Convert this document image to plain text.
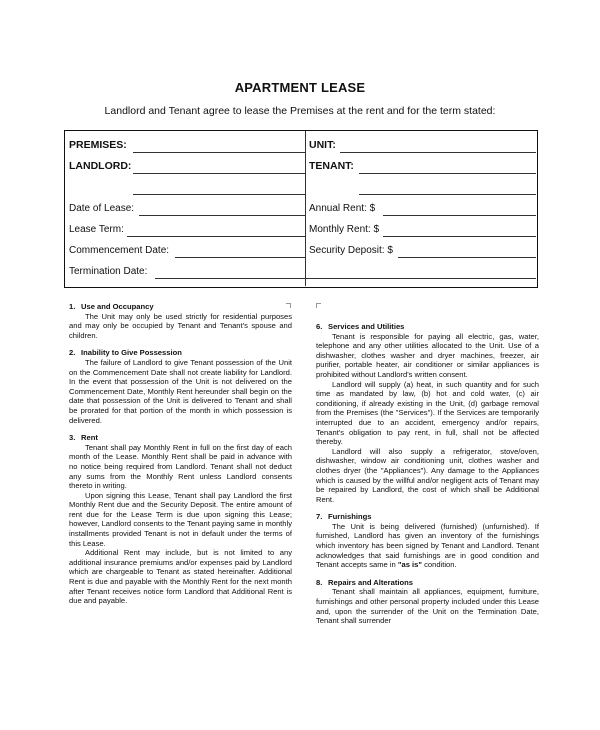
APARTMENT LEASE
Landlord and Tenant agree to lease the Premises at the rent and for the term stated:
PREMISES:	UNIT:
LANDLORD:	TENANT:
Date of Lease:	Annual Rent: $
Lease Term:	Monthly Rent: $
Commencement Date:	Security Deposit: $
Termination Date:

1. Use and Occupancy

The Unit may only be used strictly for residential purposes and may only be occupied by Tenant and Tenant's spouse and children.

2. Inability to Give Possession

The failure of Landlord to give Tenant possession of the Unit on the Commencement Date shall not create liability for Landlord. In the event that possession of the Unit is not delivered on the Commencement Date, Monthly Rent hereunder shall begin on the date that possession of the Unit is delivered to Tenant and shall be prorated for that portion of the month in which possession is delivered.

3. Rent

Tenant shall pay Monthly Rent in full on the first day of each month of the Lease. Monthly Rent shall be paid in advance with no notice being required from Landlord. Tenant shall not deduct any sums from the Monthly Rent unless Landlord consents thereto in writing.

Upon signing this Lease, Tenant shall pay Landlord the first Monthly Rent due and the Security Deposit. The entire amount of rent due for the Lease Term is due upon signing this Lease; however, Landlord consents to the Tenant paying same in monthly installments provided Tenant is not in default under the terms of this Lease.

Additional Rent may include, but is not limited to any additional insurance premiums and/or expenses paid by Landlord which are chargeable to Tenant as stated hereinafter. Additional Rent is due and payable with the Monthly Rent for the next month after Tenant receives notice form Landlord that Additional Rent is due and payable.

6. Services and Utilities

Tenant is responsible for paying all electric, gas, water, telephone and any other utilities allocated to the Unit. Use of a dishwasher, clothes washer and dryer machines, freezer, air purifier, portable heater, air conditioner or similar appliances is prohibited without Landlord's written consent.

Landlord will supply (a) heat, in such quantity and for such time as mandated by law, (b) hot and cold water, (c) air conditioning, if already existing in the Unit, (d) garbage removal from the Premises (the "Services"). If the Services are temporarily interrupted due to an accident, emergency and/or repairs, Tenant's obligation to pay rent, in full, shall not be affected thereby.

Landlord will also supply a refrigerator, stove/oven, dishwasher, window air conditioning unit, clothes washer and clothes dryer (the "Appliances"). Any damage to the Appliances which is caused by the willful and/or negligent acts of Tenant may be repaired by Landlord, the cost of which shall be Additional Rent.

7. Furnishings

The Unit is being delivered (furnished) (unfurnished). If furnished, Landlord has given an inventory of the furnishings which inventory has been signed by Tenant and Landlord. Tenant acknowledges that said furnishings are in good condition and Tenant accepts same in "as is" condition.

8. Repairs and Alterations

Tenant shall maintain all appliances, equipment, furniture, furnishings and other personal property included under this Lease and, upon the surrender of the Unit on the Termination Date, Tenant shall surrender
